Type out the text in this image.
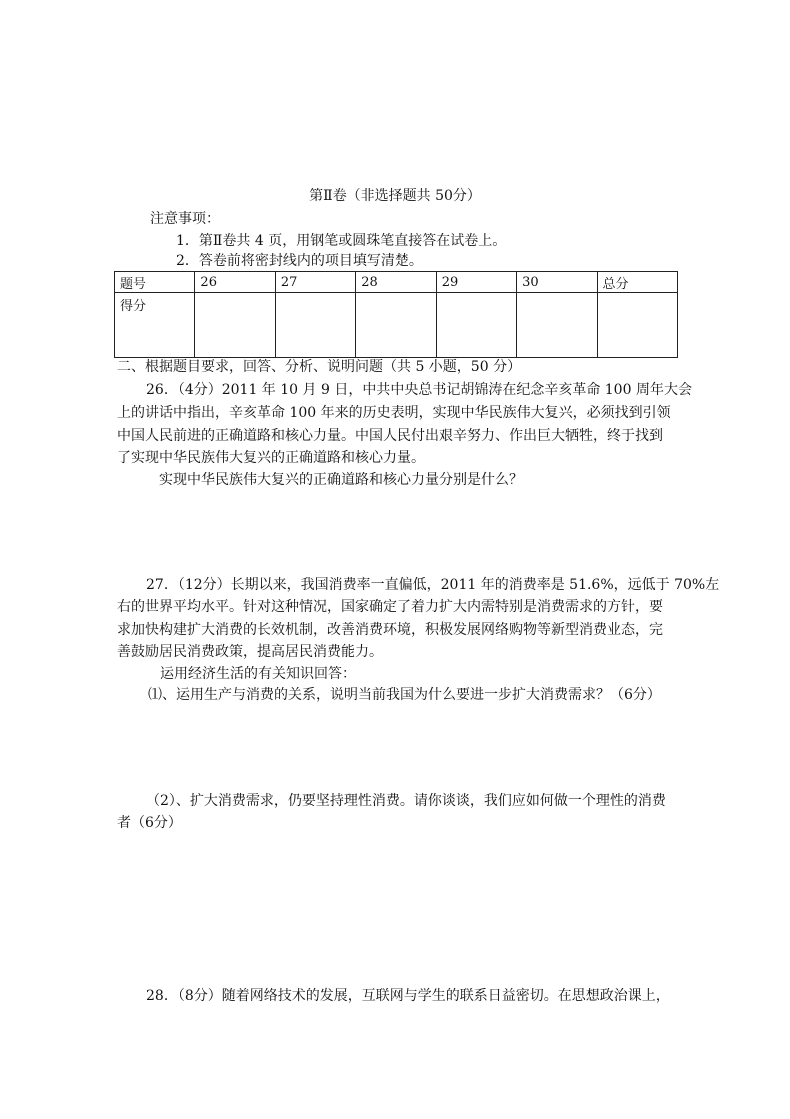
第Ⅱ卷（非选择题共 50分）
注意事项：
1．第Ⅱ卷共 4 页，用钢笔或圆珠笔直接答在试卷上。
2．答卷前将密封线内的项目填写清楚。
题号	26	27	28	29	30	总分
得分						
二、根据题目要求，回答、分析、说明问题（共 5 小题，50 分）
26．（4分）2011 年 10 月 9 日，中共中央总书记胡锦涛在纪念辛亥革命 100 周年大会
上的讲话中指出，辛亥革命 100 年来的历史表明，实现中华民族伟大复兴，必须找到引领
中国人民前进的正确道路和核心力量。中国人民付出艰辛努力、作出巨大牺牲，终于找到
了实现中华民族伟大复兴的正确道路和核心力量。
实现中华民族伟大复兴的正确道路和核心力量分别是什么？
27．（12分）长期以来，我国消费率一直偏低，2011 年的消费率是 51.6%，远低于 70%左
右的世界平均水平。针对这种情况，国家确定了着力扩大内需特别是消费需求的方针，要
求加快构建扩大消费的长效机制，改善消费环境，积极发展网络购物等新型消费业态，完
善鼓励居民消费政策，提高居民消费能力。
运用经济生活的有关知识回答：
⑴、运用生产与消费的关系，说明当前我国为什么要进一步扩大消费需求？（6分）
（2）、扩大消费需求，仍要坚持理性消费。请你谈谈，我们应如何做一个理性的消费
者（6分）
28．（8分）随着网络技术的发展，互联网与学生的联系日益密切。在思想政治课上，
